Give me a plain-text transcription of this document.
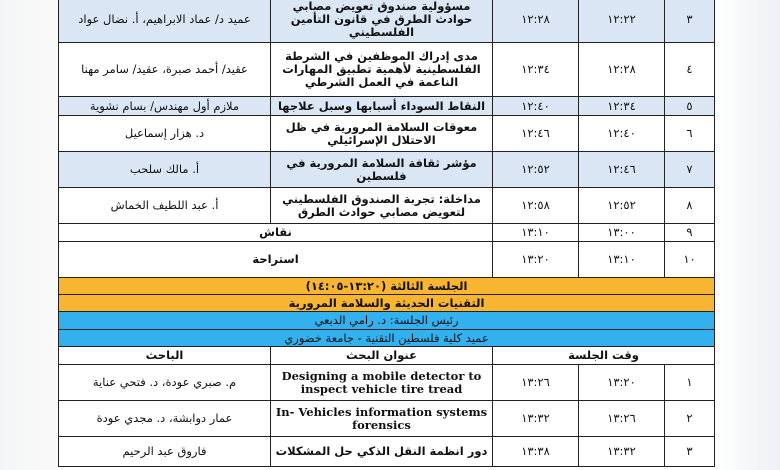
٣	١٢:٢٢	١٢:٢٨	مسؤولية صندوق تعويض مصابي حوادث الطرق في قانون التأمين الفلسطيني	عميد د/ عماد الابراهيم، أ. نضال عواد
٤	١٢:٢٨	١٢:٣٤	مدى إدراك الموظفين في الشرطة الفلسطينية لأهمية تطبيق المهارات الناعمة في العمل الشرطي	عقيد/ أحمد صبرة، عقيد/ سامر مهنا
٥	١٢:٣٤	١٢:٤٠	النقاط السوداء أسبابها وسبل علاجها	ملازم أول مهندس/ بسام نشوية
٦	١٢:٤٠	١٢:٤٦	معوقات السلامة المرورية في ظل الاحتلال الإسرائيلي	د. هزار إسماعيل
٧	١٢:٤٦	١٢:٥٢	مؤشر ثقافة السلامة المرورية في فلسطين	أ. مالك سلحب
٨	١٢:٥٢	١٢:٥٨	مداخلة: تجربة الصندوق الفلسطيني لتعويض مصابي حوادث الطرق	أ. عبد اللطيف الخماش
٩	١٣:٠٠	١٣:١٠	نقاش	
١٠	١٣:١٠	١٣:٢٠	استراحة	
الجلسة الثالثة (١٣:٢٠-١٤:٠٥)				
التقنيات الحديثة والسلامة المرورية				
رئيس الجلسة: د. رامي الدبعي				
عميد كلية فلسطين التقنية - جامعة خضوري				
وقت الجلسة			عنوان البحث	الباحث
١	١٣:٢٠	١٣:٢٦	Designing a mobile detector to inspect vehicle tire tread	م. صبري عودة، د. فتحي عناية
٢	١٣:٢٦	١٣:٣٢	In- Vehicles information systems forensics	عمار دوابشة، د. مجدي عودة
٣	١٣:٣٢	١٣:٣٨	دور انظمة النقل الذكي حل المشكلات	فاروق عبد الرحيم
